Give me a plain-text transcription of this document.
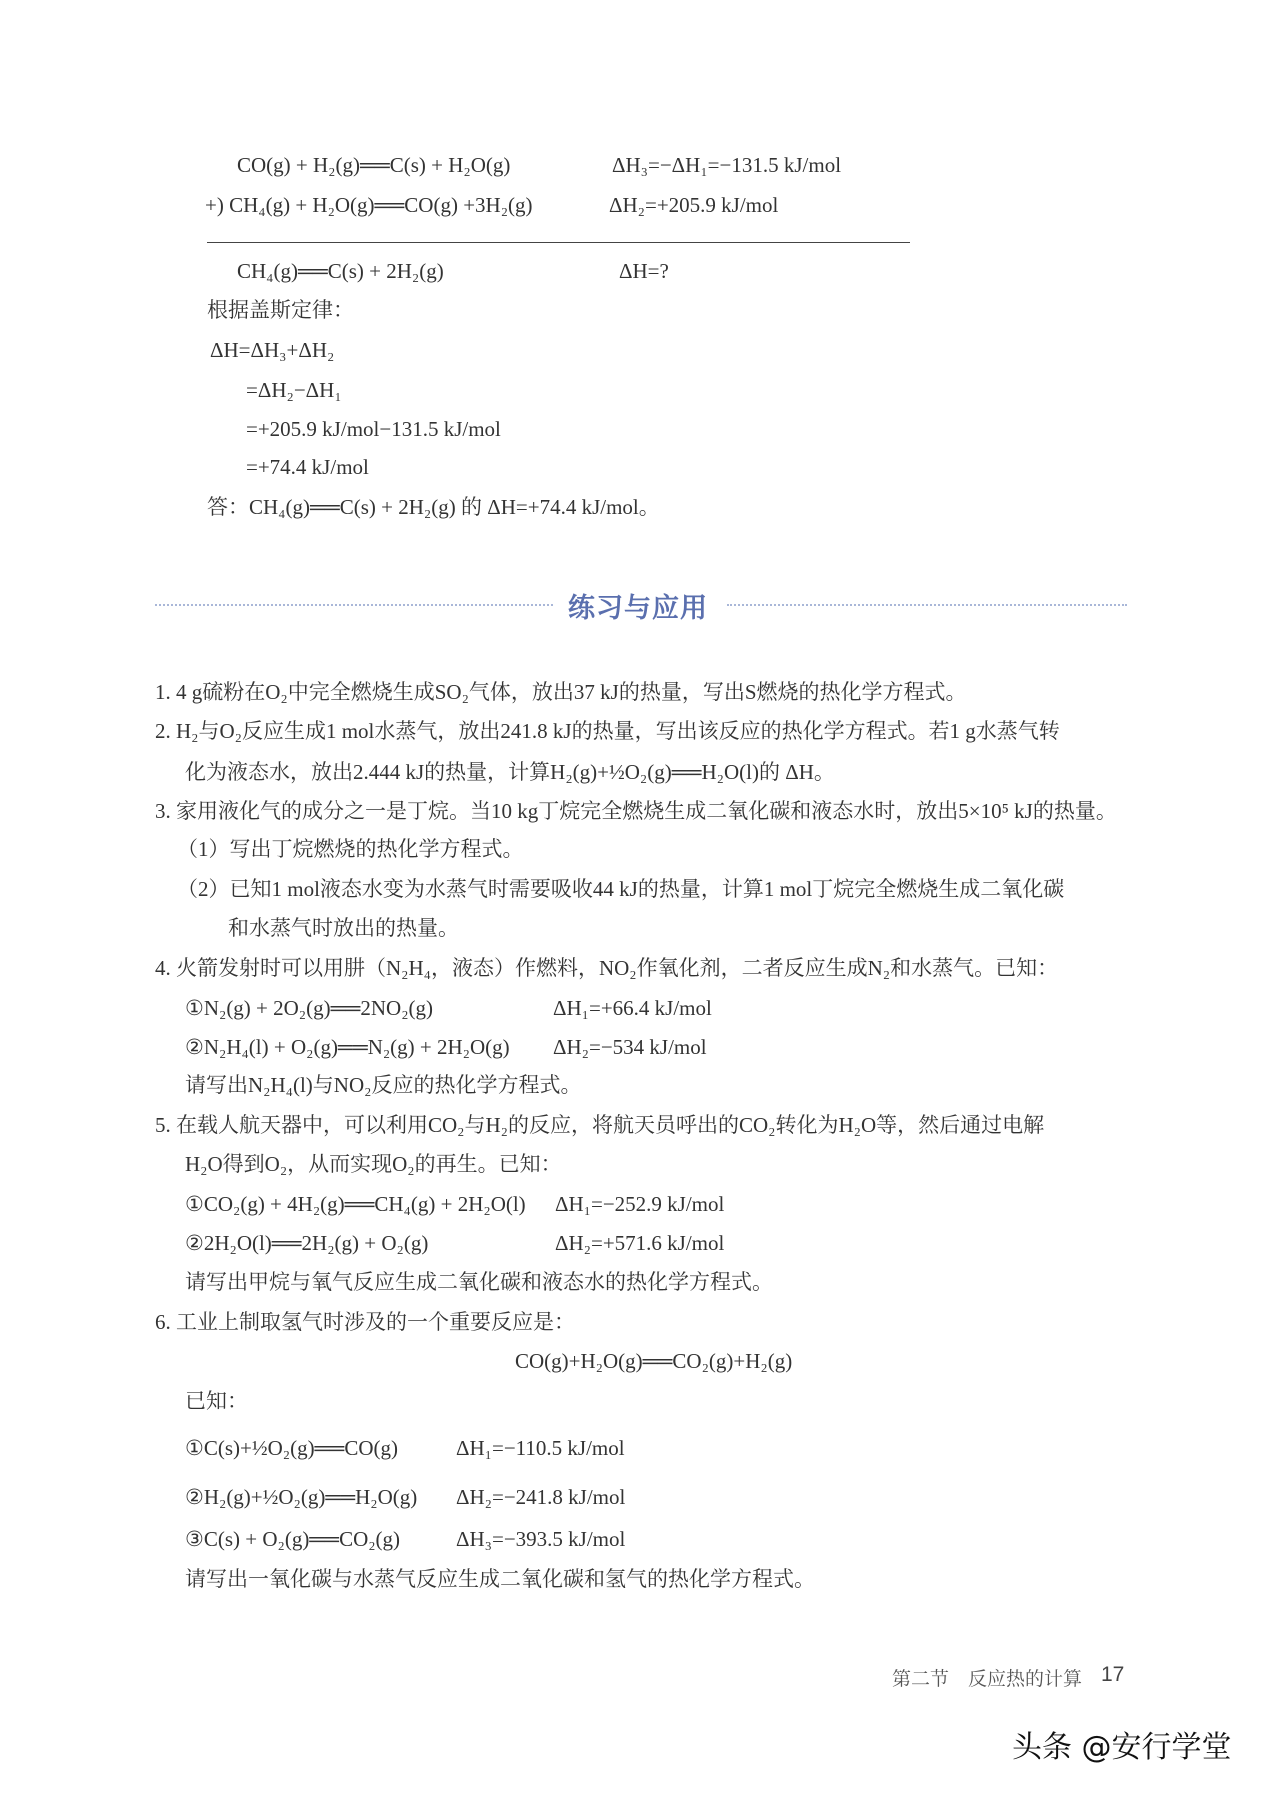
CO(g) + H₂(g)══C(s) + H₂O(g)	ΔH₃=−ΔH₁=−131.5 kJ/mol
+) CH₄(g) + H₂O(g)══CO(g) +3H₂(g)	ΔH₂=+205.9 kJ/mol
CH₄(g)══C(s) + 2H₂(g)	ΔH=?
根据盖斯定律：
ΔH=ΔH₃+ΔH₂
=ΔH₂−ΔH₁
=+205.9 kJ/mol−131.5 kJ/mol
=+74.4 kJ/mol
答：CH₄(g)══C(s) + 2H₂(g) 的 ΔH=+74.4 kJ/mol。
练习与应用
1. 4 g硫粉在O₂中完全燃烧生成SO₂气体，放出37 kJ的热量，写出S燃烧的热化学方程式。
2. H₂与O₂反应生成1 mol水蒸气，放出241.8 kJ的热量，写出该反应的热化学方程式。若1 g水蒸气转
化为液态水，放出2.444 kJ的热量，计算H₂(g)+½O₂(g)══H₂O(l)的 ΔH。
3. 家用液化气的成分之一是丁烷。当10 kg丁烷完全燃烧生成二氧化碳和液态水时，放出5×10⁵ kJ的热量。
（1）写出丁烷燃烧的热化学方程式。
（2）已知1 mol液态水变为水蒸气时需要吸收44 kJ的热量，计算1 mol丁烷完全燃烧生成二氧化碳
和水蒸气时放出的热量。
4. 火箭发射时可以用肼（N₂H₄，液态）作燃料，NO₂作氧化剂，二者反应生成N₂和水蒸气。已知：
①N₂(g) + 2O₂(g)══2NO₂(g)	ΔH₁=+66.4 kJ/mol
②N₂H₄(l) + O₂(g)══N₂(g) + 2H₂O(g) ΔH₂=−534 kJ/mol
请写出N₂H₄(l)与NO₂反应的热化学方程式。
5. 在载人航天器中，可以利用CO₂与H₂的反应，将航天员呼出的CO₂转化为H₂O等，然后通过电解
H₂O得到O₂，从而实现O₂的再生。已知：
①CO₂(g) + 4H₂(g)══CH₄(g) + 2H₂O(l) ΔH₁=−252.9 kJ/mol
②2H₂O(l)══2H₂(g) + O₂(g)	ΔH₂=+571.6 kJ/mol
请写出甲烷与氧气反应生成二氧化碳和液态水的热化学方程式。
6. 工业上制取氢气时涉及的一个重要反应是：
CO(g)+H₂O(g)══CO₂(g)+H₂(g)
已知：
①C(s)+½O₂(g)══CO(g)	ΔH₁=−110.5 kJ/mol
②H₂(g)+½O₂(g)══H₂O(g) ΔH₂=−241.8 kJ/mol
③C(s) + O₂(g)══CO₂(g)	ΔH₃=−393.5 kJ/mol
请写出一氧化碳与水蒸气反应生成二氧化碳和氢气的热化学方程式。
第二节　反应热的计算 17
头条 @安行学堂
